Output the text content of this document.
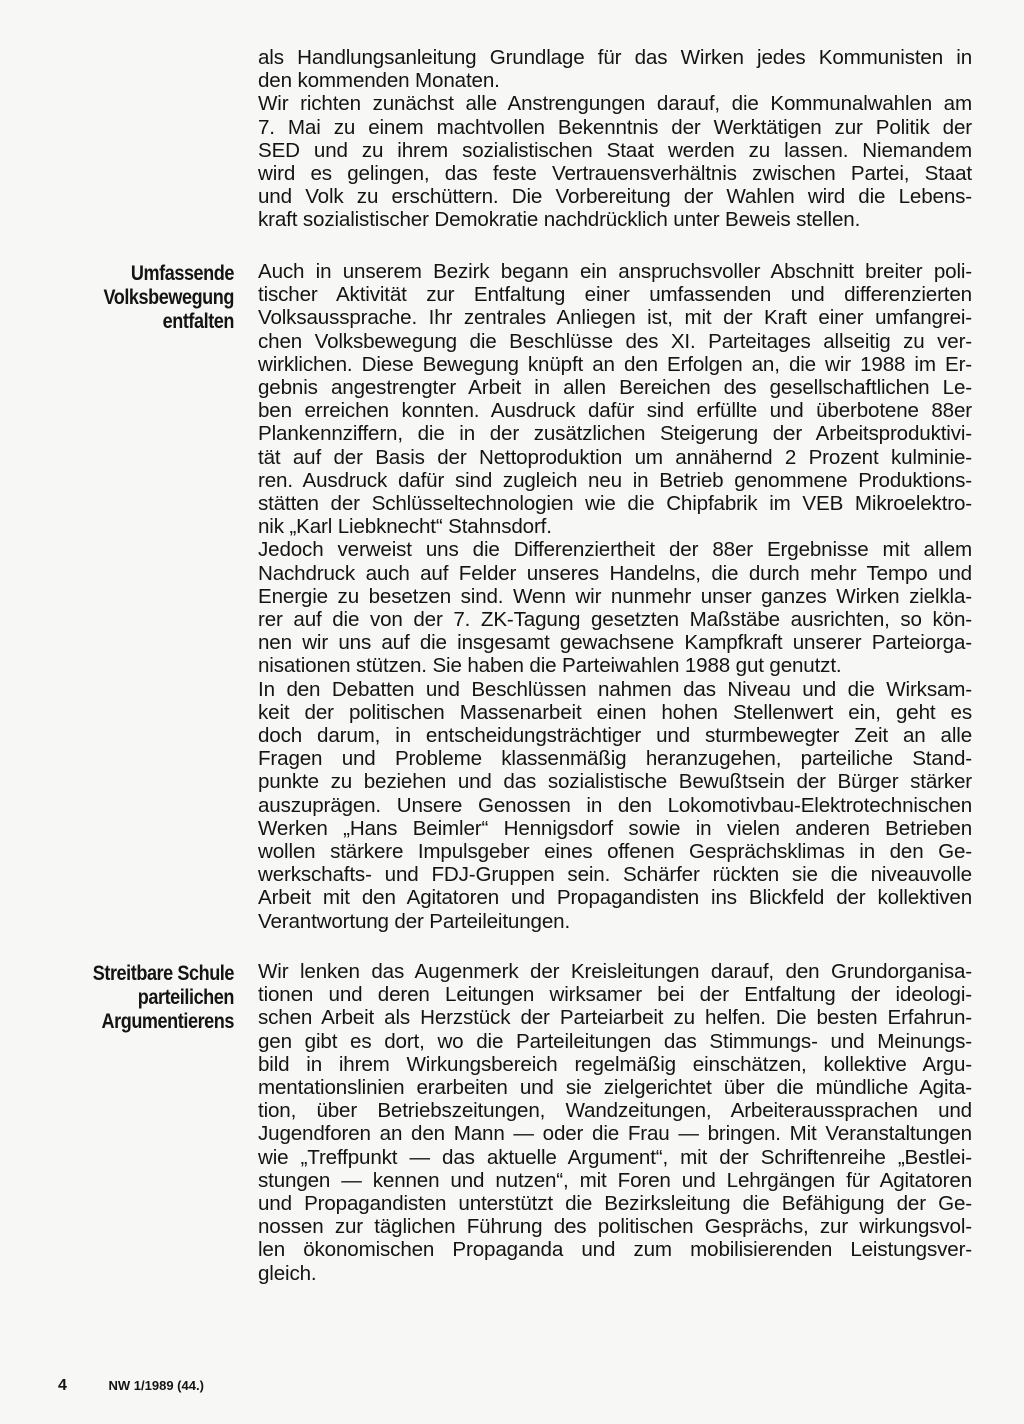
Umfassende
Volksbewegung
entfalten
Streitbare Schule
parteilichen
Argumentierens
als Handlungsanleitung Grundlage für das Wirken jedes Kommunisten in
den kommenden Monaten.
Wir richten zunächst alle Anstrengungen darauf, die Kommunalwahlen am
7. Mai zu einem machtvollen Bekenntnis der Werktätigen zur Politik der
SED und zu ihrem sozialistischen Staat werden zu lassen. Niemandem
wird es gelingen, das feste Vertrauensverhältnis zwischen Partei, Staat
und Volk zu erschüttern. Die Vorbereitung der Wahlen wird die Lebens-
kraft sozialistischer Demokratie nachdrücklich unter Beweis stellen.
Auch in unserem Bezirk begann ein anspruchsvoller Abschnitt breiter poli-
tischer Aktivität zur Entfaltung einer umfassenden und differenzierten
Volksaussprache. Ihr zentrales Anliegen ist, mit der Kraft einer umfangrei-
chen Volksbewegung die Beschlüsse des XI. Parteitages allseitig zu ver-
wirklichen. Diese Bewegung knüpft an den Erfolgen an, die wir 1988 im Er-
gebnis angestrengter Arbeit in allen Bereichen des gesellschaftlichen Le-
ben erreichen konnten. Ausdruck dafür sind erfüllte und überbotene 88er
Plankennziffern, die in der zusätzlichen Steigerung der Arbeitsproduktivi-
tät auf der Basis der Nettoproduktion um annähernd 2 Prozent kulminie-
ren. Ausdruck dafür sind zugleich neu in Betrieb genommene Produktions-
stätten der Schlüsseltechnologien wie die Chipfabrik im VEB Mikroelektro-
nik „Karl Liebknecht“ Stahnsdorf.
Jedoch verweist uns die Differenziertheit der 88er Ergebnisse mit allem
Nachdruck auch auf Felder unseres Handelns, die durch mehr Tempo und
Energie zu besetzen sind. Wenn wir nunmehr unser ganzes Wirken zielkla-
rer auf die von der 7. ZK-Tagung gesetzten Maßstäbe ausrichten, so kön-
nen wir uns auf die insgesamt gewachsene Kampfkraft unserer Parteiorga-
nisationen stützen. Sie haben die Parteiwahlen 1988 gut genutzt.
In den Debatten und Beschlüssen nahmen das Niveau und die Wirksam-
keit der politischen Massenarbeit einen hohen Stellenwert ein, geht es
doch darum, in entscheidungsträchtiger und sturmbewegter Zeit an alle
Fragen und Probleme klassenmäßig heranzugehen, parteiliche Stand-
punkte zu beziehen und das sozialistische Bewußtsein der Bürger stärker
auszuprägen. Unsere Genossen in den Lokomotivbau-Elektrotechnischen
Werken „Hans Beimler“ Hennigsdorf sowie in vielen anderen Betrieben
wollen stärkere Impulsgeber eines offenen Gesprächsklimas in den Ge-
werkschafts- und FDJ-Gruppen sein. Schärfer rückten sie die niveauvolle
Arbeit mit den Agitatoren und Propagandisten ins Blickfeld der kollektiven
Verantwortung der Parteileitungen.
Wir lenken das Augenmerk der Kreisleitungen darauf, den Grundorganisa-
tionen und deren Leitungen wirksamer bei der Entfaltung der ideologi-
schen Arbeit als Herzstück der Parteiarbeit zu helfen. Die besten Erfahrun-
gen gibt es dort, wo die Parteileitungen das Stimmungs- und Meinungs-
bild in ihrem Wirkungsbereich regelmäßig einschätzen, kollektive Argu-
mentationslinien erarbeiten und sie zielgerichtet über die mündliche Agita-
tion, über Betriebszeitungen, Wandzeitungen, Arbeiteraussprachen und
Jugendforen an den Mann — oder die Frau — bringen. Mit Veranstaltungen
wie „Treffpunkt — das aktuelle Argument“, mit der Schriftenreihe „Bestlei-
stungen — kennen und nutzen“, mit Foren und Lehrgängen für Agitatoren
und Propagandisten unterstützt die Bezirksleitung die Befähigung der Ge-
nossen zur täglichen Führung des politischen Gesprächs, zur wirkungsvol-
len ökonomischen Propaganda und zum mobilisierenden Leistungsver-
gleich.
4	NW 1/1989 (44.)
